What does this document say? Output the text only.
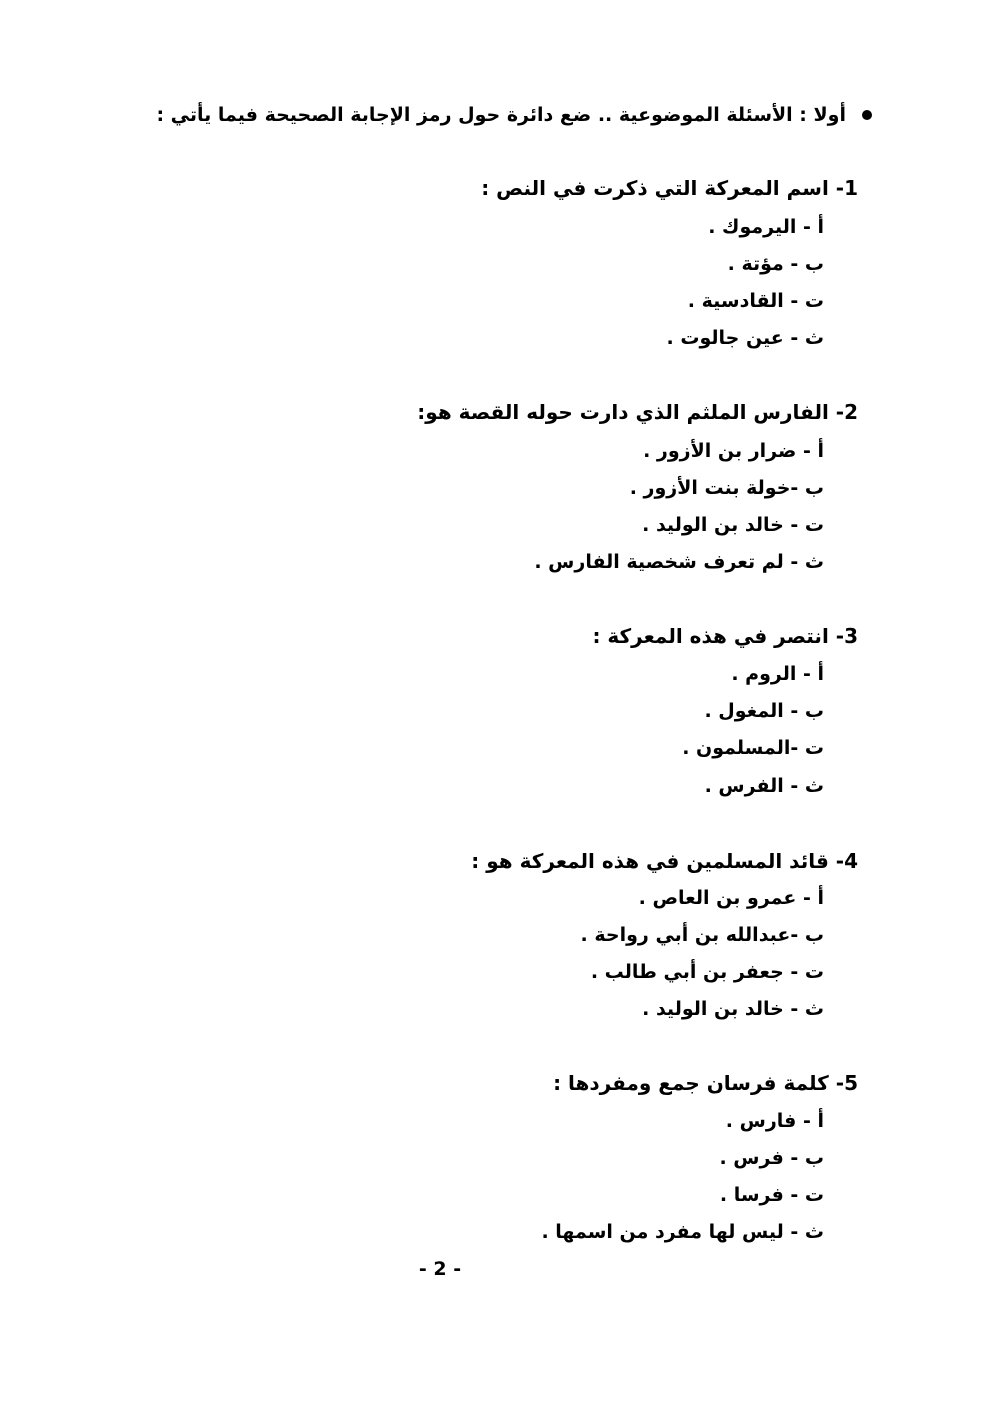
أولا : الأسئلة الموضوعية .. ضع دائرة حول رمز الإجابة الصحيحة فيما يأتي :
1- اسم المعركة التي ذكرت في النص :
أ - اليرموك .
ب - مؤتة .
ت - القادسية .
ث - عين جالوت .
2- الفارس الملثم الذي دارت حوله القصة هو:
أ - ضرار بن الأزور .
ب -خولة بنت الأزور .
ت - خالد بن الوليد .
ث - لم تعرف شخصية الفارس .
3- انتصر في هذه المعركة :
أ - الروم .
ب - المغول .
ت -المسلمون .
ث - الفرس .
4- قائد المسلمين في هذه المعركة هو :
أ - عمرو بن العاص .
ب -عبدالله بن أبي رواحة .
ت - جعفر بن أبي طالب .
ث - خالد بن الوليد .
5- كلمة فرسان جمع ومفردها :
أ - فارس .
ب - فرس .
ت - فرسا .
ث - ليس لها مفرد من اسمها .
- 2 -
